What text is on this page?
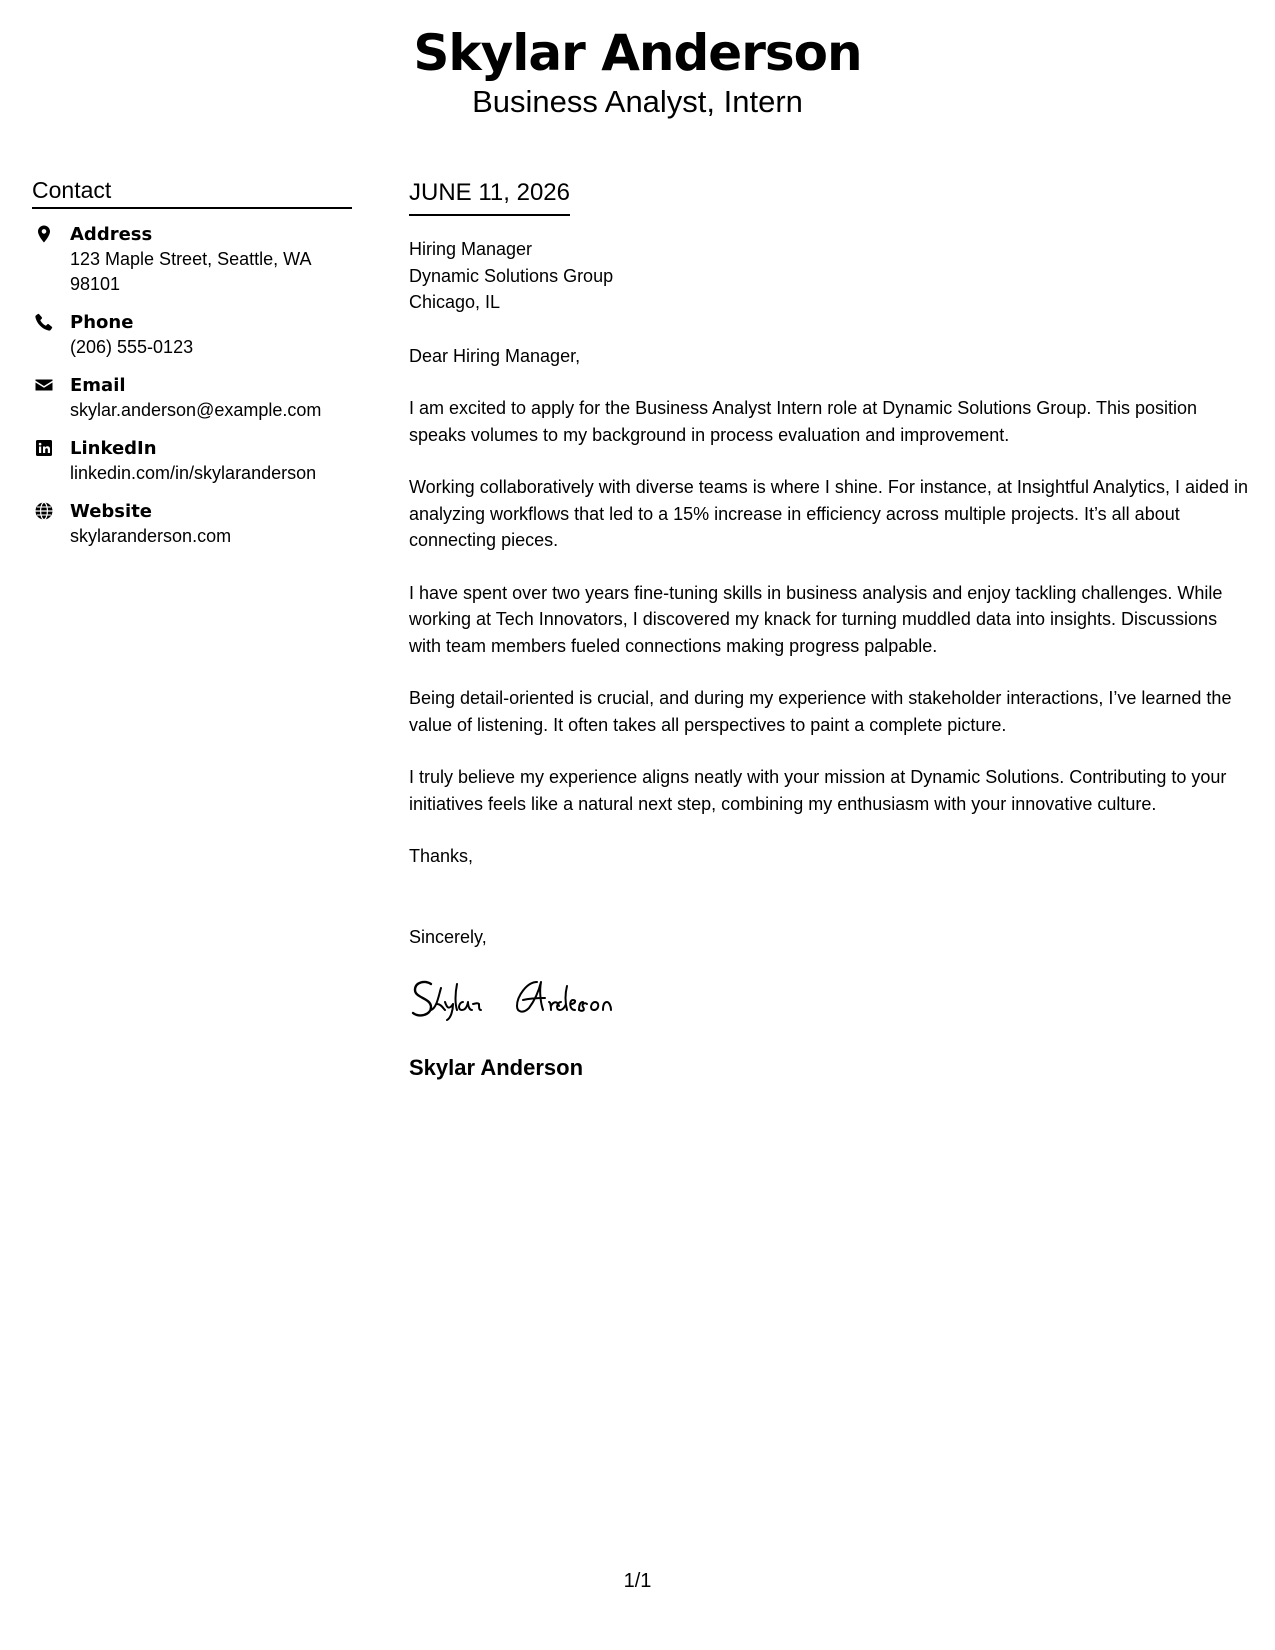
Skylar Anderson
Business Analyst, Intern
Contact
Address
123 Maple Street, Seattle, WA 98101
Phone
(206) 555-0123
Email
skylar.anderson@example.com
LinkedIn
linkedin.com/in/skylaranderson
Website
skylaranderson.com
JUNE 11, 2026
Hiring Manager
Dynamic Solutions Group
Chicago, IL
Dear Hiring Manager,

I am excited to apply for the Business Analyst Intern role at Dynamic Solutions Group. This position speaks volumes to my background in process evaluation and improvement.

Working collaboratively with diverse teams is where I shine. For instance, at Insightful Analytics, I aided in analyzing workflows that led to a 15% increase in efficiency across multiple projects. It’s all about connecting pieces.

I have spent over two years fine-tuning skills in business analysis and enjoy tackling challenges. While working at Tech Innovators, I discovered my knack for turning muddled data into insights. Discussions with team members fueled connections making progress palpable.

Being detail-oriented is crucial, and during my experience with stakeholder interactions, I’ve learned the value of listening. It often takes all perspectives to paint a complete picture.

I truly believe my experience aligns neatly with your mission at Dynamic Solutions. Contributing to your initiatives feels like a natural next step, combining my enthusiasm with your innovative culture.

Thanks,
Sincerely,
Skylar Anderson
1/1
